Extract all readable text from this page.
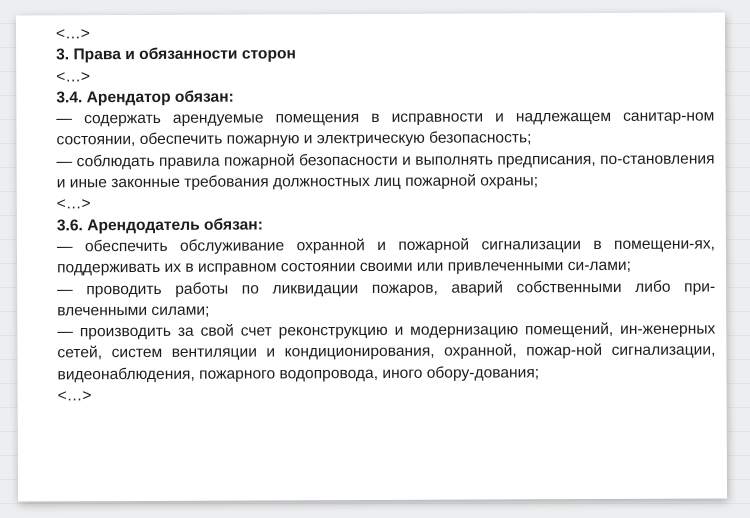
<…>

3. Права и обязанности сторон

<…>

3.4. Арендатор обязан:

— содержать арендуемые помещения в исправности и надлежащем санитар-ном состоянии, обеспечить пожарную и электрическую безопасность;

— соблюдать правила пожарной безопасности и выполнять предписания, по-становления и иные законные требования должностных лиц пожарной охраны;

<…>

3.6. Арендодатель обязан:

— обеспечить обслуживание охранной и пожарной сигнализации в помещени-ях, поддерживать их в исправном состоянии своими или привлеченными си-лами;

— проводить работы по ликвидации пожаров, аварий собственными либо при-влеченными силами;

— производить за свой счет реконструкцию и модернизацию помещений, ин-женерных сетей, систем вентиляции и кондиционирования, охранной, пожар-ной сигнализации, видеонаблюдения, пожарного водопровода, иного обору-дования;

<…>
